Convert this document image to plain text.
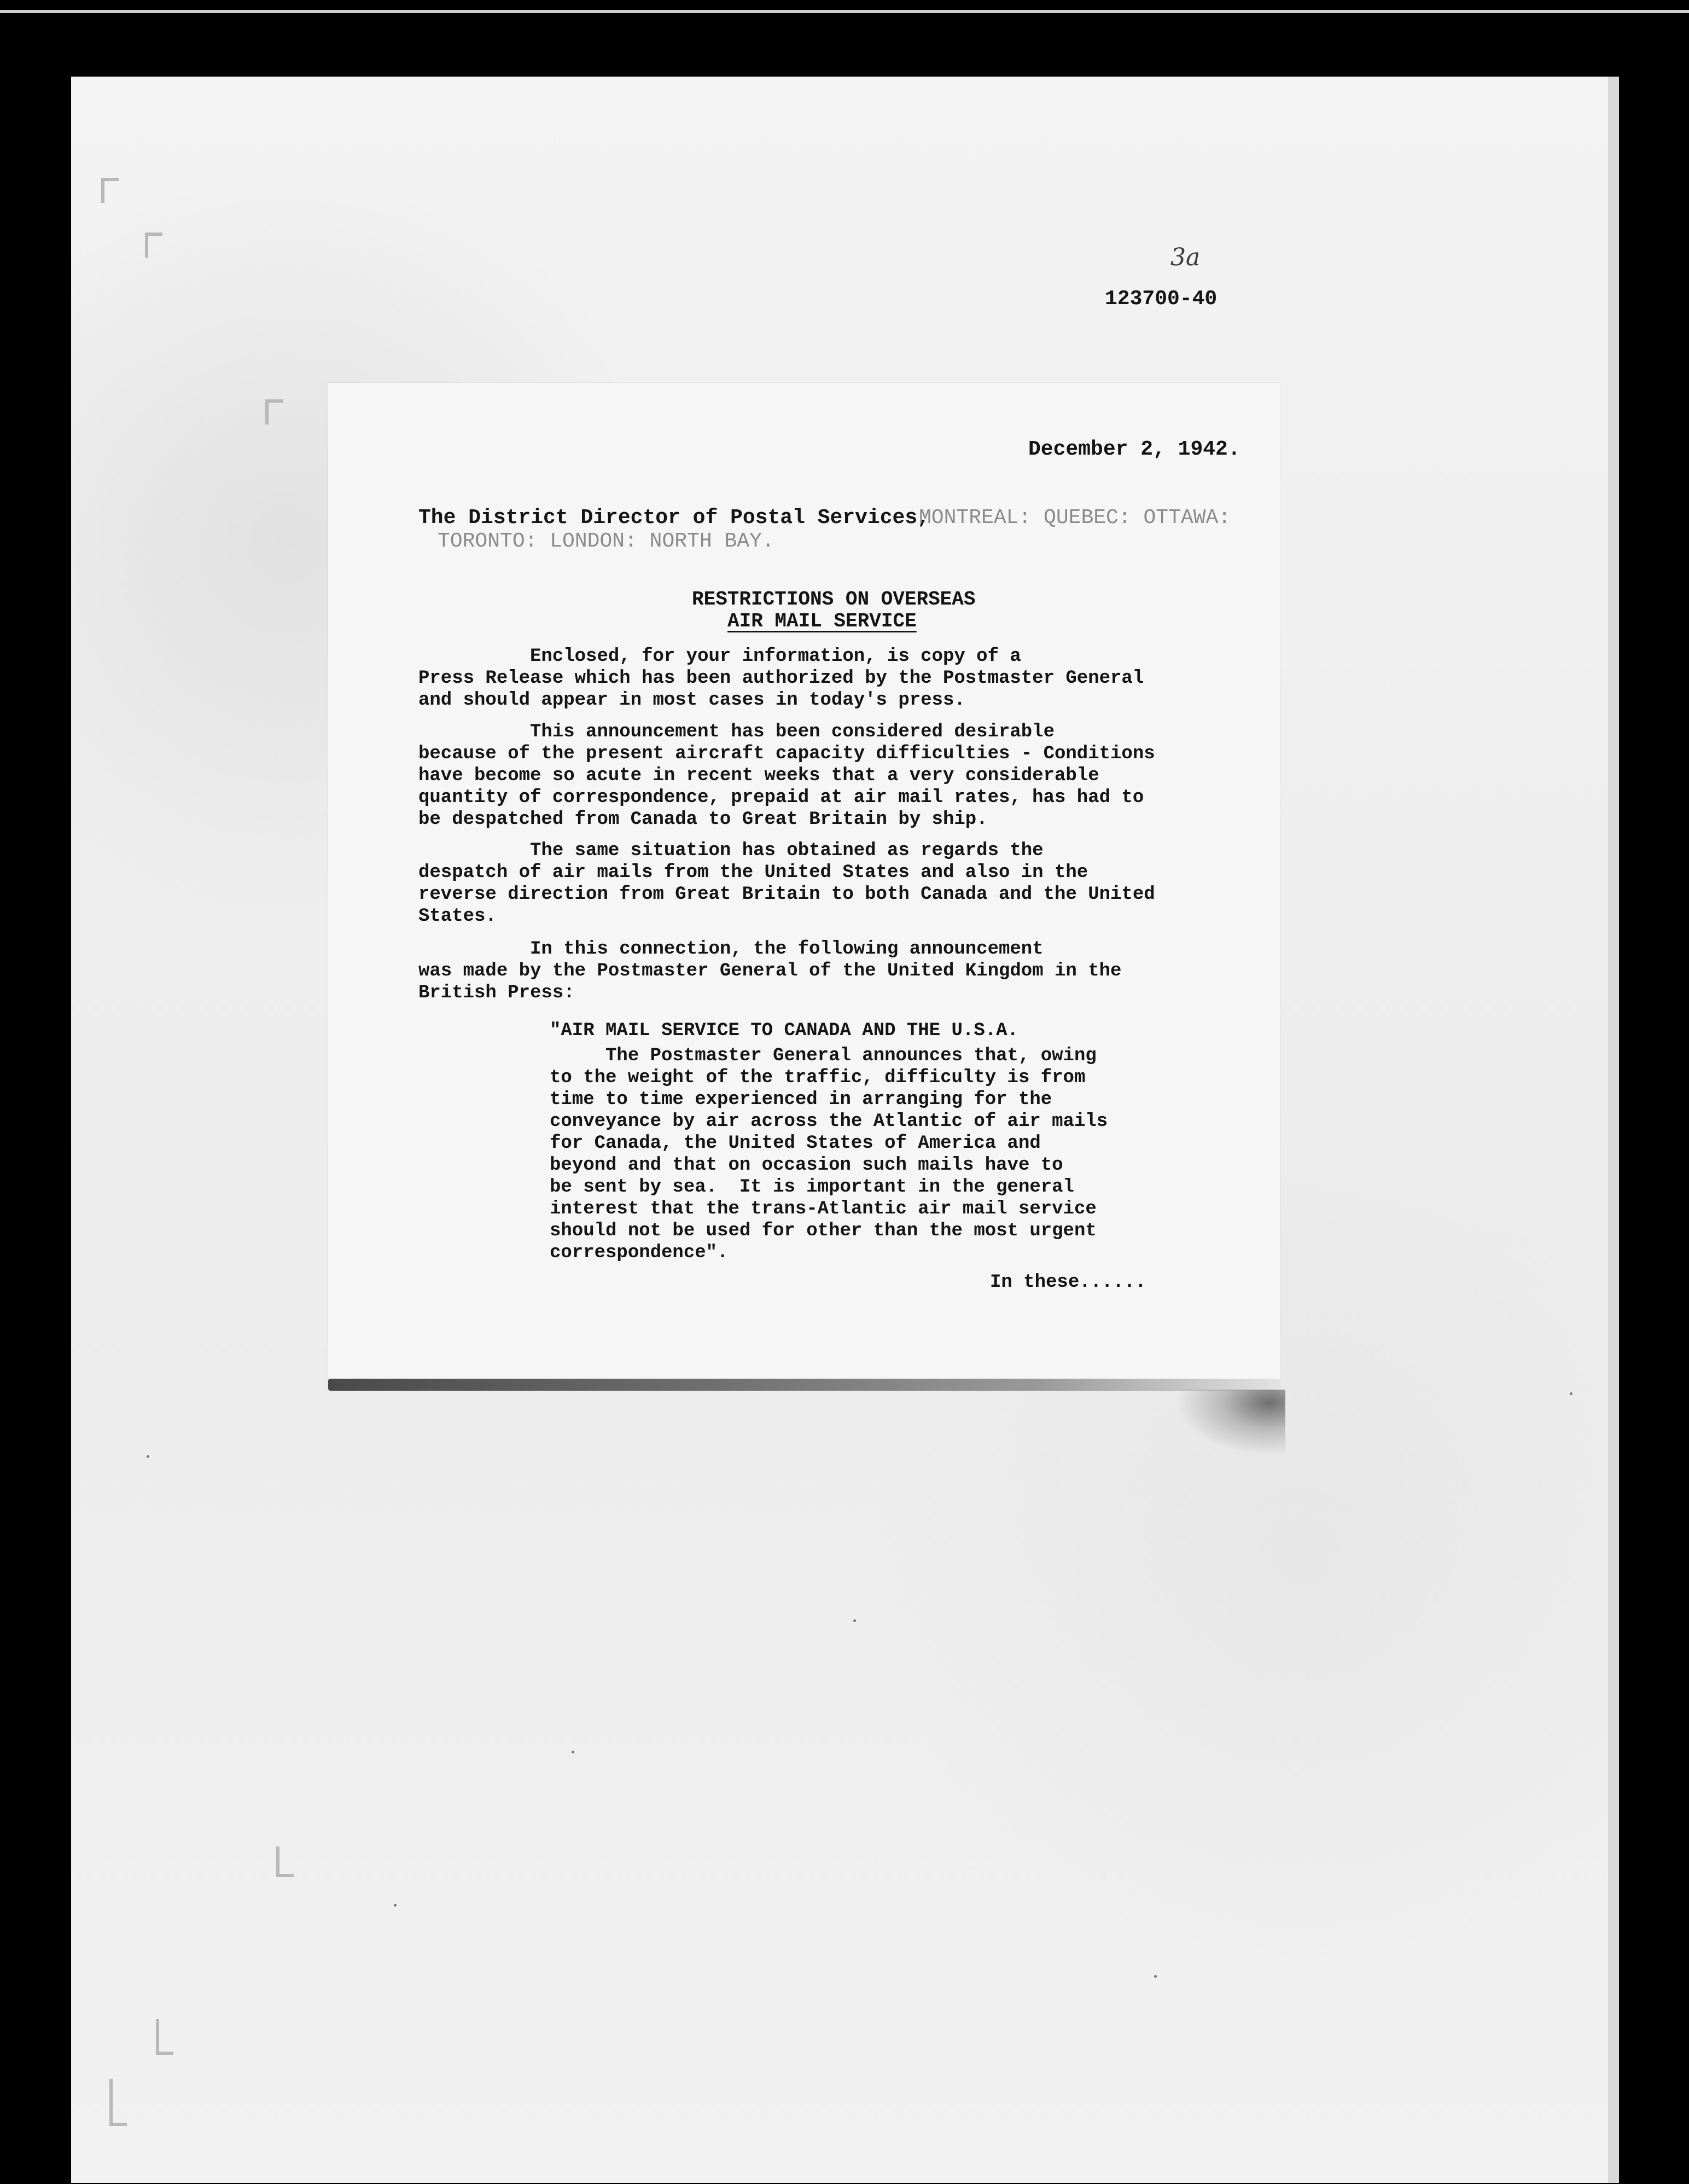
3a

123700-40

December 2, 1942.

The District Director of Postal Services,

MONTREAL: QUEBEC: OTTAWA:

TORONTO: LONDON: NORTH BAY.

RESTRICTIONS ON OVERSEAS

AIR MAIL SERVICE

Enclosed, for your information, is copy of a
Press Release which has been authorized by the Postmaster General
and should appear in most cases in today's press.

This announcement has been considered desirable
because of the present aircraft capacity difficulties - Conditions
have become so acute in recent weeks that a very considerable
quantity of correspondence, prepaid at air mail rates, has had to
be despatched from Canada to Great Britain by ship.

The same situation has obtained as regards the
despatch of air mails from the United States and also in the
reverse direction from Great Britain to both Canada and the United
States.

In this connection, the following announcement
was made by the Postmaster General of the United Kingdom in the
British Press:

"AIR MAIL SERVICE TO CANADA AND THE U.S.A.

The Postmaster General announces that, owing
to the weight of the traffic, difficulty is from
time to time experienced in arranging for the
conveyance by air across the Atlantic of air mails
for Canada, the United States of America and
beyond and that on occasion such mails have to
be sent by sea.  It is important in the general
interest that the trans-Atlantic air mail service
should not be used for other than the most urgent
correspondence".

In these......
